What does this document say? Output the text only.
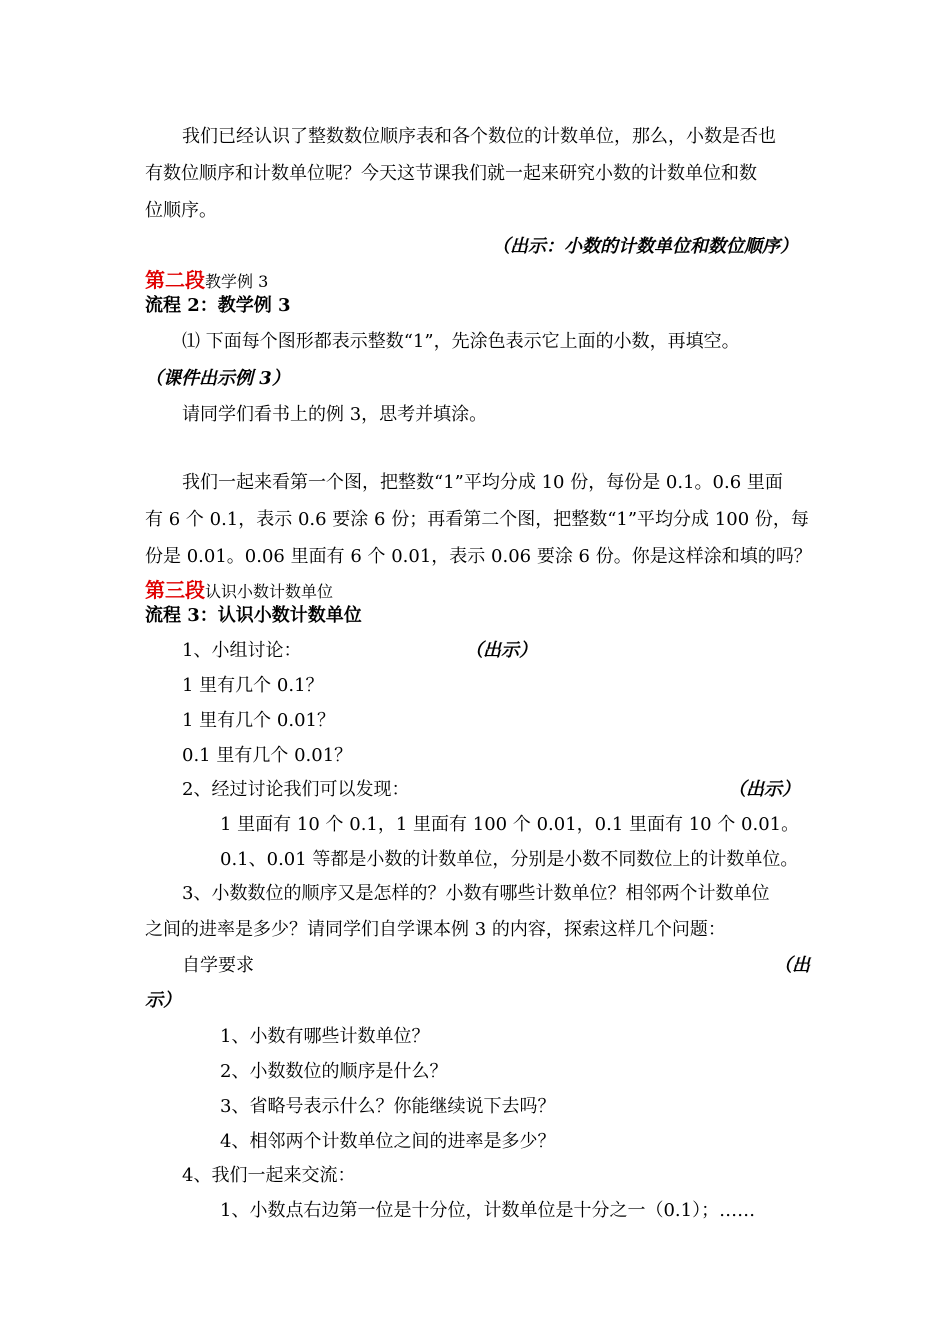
我们已经认识了整数数位顺序表和各个数位的计数单位，那么，小数是否也
有数位顺序和计数单位呢？今天这节课我们就一起来研究小数的计数单位和数
位顺序。
（出示：小数的计数单位和数位顺序）
第二段教学例 3
流程 2：教学例 3
⑴ 下面每个图形都表示整数“1”，先涂色表示它上面的小数，再填空。
（课件出示例 3）
请同学们看书上的例 3，思考并填涂。
我们一起来看第一个图，把整数“1”平均分成 10 份，每份是 0.1。0.6 里面
有 6 个 0.1，表示 0.6 要涂 6 份；再看第二个图，把整数“1”平均分成 100 份，每
份是 0.01。0.06 里面有 6 个 0.01，表示 0.06 要涂 6 份。你是这样涂和填的吗？
第三段认识小数计数单位
流程 3：认识小数计数单位
1、小组讨论：	（出示）
1 里有几个 0.1？
1 里有几个 0.01？
0.1 里有几个 0.01？
2、经过讨论我们可以发现：	（出示）
1 里面有 10 个 0.1，1 里面有 100 个 0.01，0.1 里面有 10 个 0.01。
0.1、0.01 等都是小数的计数单位，分别是小数不同数位上的计数单位。
3、小数数位的顺序又是怎样的？小数有哪些计数单位？相邻两个计数单位
之间的进率是多少？请同学们自学课本例 3 的内容，探索这样几个问题：
自学要求	（出
示）
1、小数有哪些计数单位？
2、小数数位的顺序是什么？
3、省略号表示什么？你能继续说下去吗？
4、相邻两个计数单位之间的进率是多少？
4、我们一起来交流：
1、小数点右边第一位是十分位，计数单位是十分之一（0.1）；……
